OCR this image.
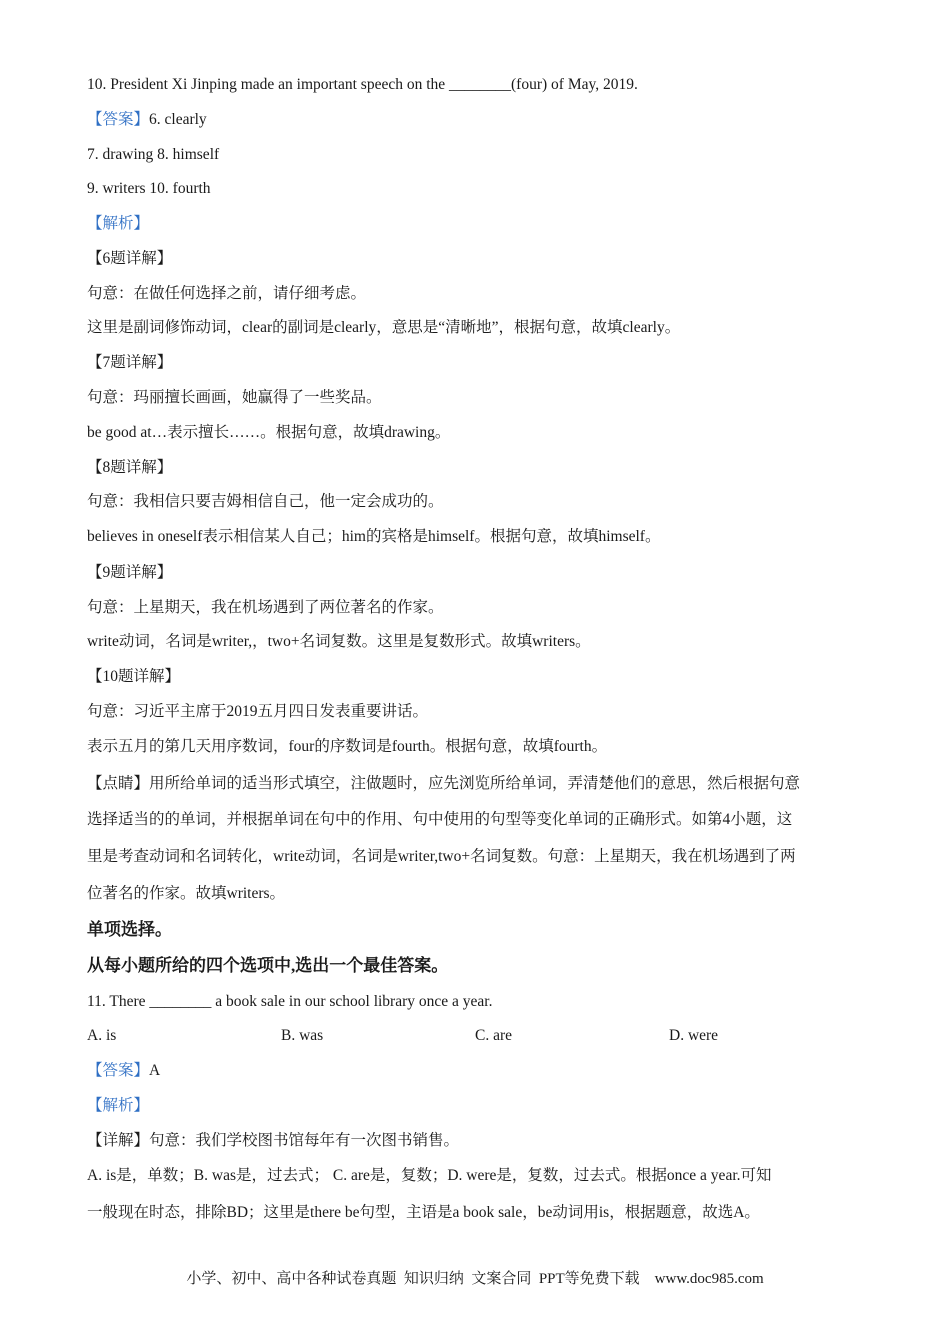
10. President Xi Jinping made an important speech on the ________(four) of May, 2019.
【答案】6. clearly
7. drawing 8. himself
9. writers 10. fourth
【解析】
【6题详解】
句意：在做任何选择之前，请仔细考虑。
这里是副词修饰动词，clear的副词是clearly，意思是“清晰地”，根据句意，故填clearly。
【7题详解】
句意：玛丽擅长画画，她赢得了一些奖品。
be good at…表示擅长……。根据句意，故填drawing。
【8题详解】
句意：我相信只要吉姆相信自己，他一定会成功的。
believes in oneself表示相信某人自己；him的宾格是himself。根据句意，故填himself。
【9题详解】
句意：上星期天，我在机场遇到了两位著名的作家。
write动词，名词是writer,，two+名词复数。这里是复数形式。故填writers。
【10题详解】
句意：习近平主席于2019五月四日发表重要讲话。
表示五月的第几天用序数词，four的序数词是fourth。根据句意，故填fourth。
【点睛】用所给单词的适当形式填空，注做题时，应先浏览所给单词，弄清楚他们的意思，然后根据句意
选择适当的的单词，并根据单词在句中的作用、句中使用的句型等变化单词的正确形式。如第4小题，这
里是考查动词和名词转化，write动词，名词是writer,two+名词复数。句意：上星期天，我在机场遇到了两
位著名的作家。故填writers。
单项选择。
从每小题所给的四个选项中,选出一个最佳答案。
11. There ________ a book sale in our school library once a year.
A. is	B. was	C. are	D. were
【答案】A
【解析】
【详解】句意：我们学校图书馆每年有一次图书销售。
A. is是，单数；B. was是，过去式； C. are是，复数；D. were是，复数，过去式。根据once a year.可知
一般现在时态，排除BD；这里是there be句型，主语是a book sale，be动词用is，根据题意，故选A。
小学、初中、高中各种试卷真题  知识归纳  文案合同  PPT等免费下载    www.doc985.com
